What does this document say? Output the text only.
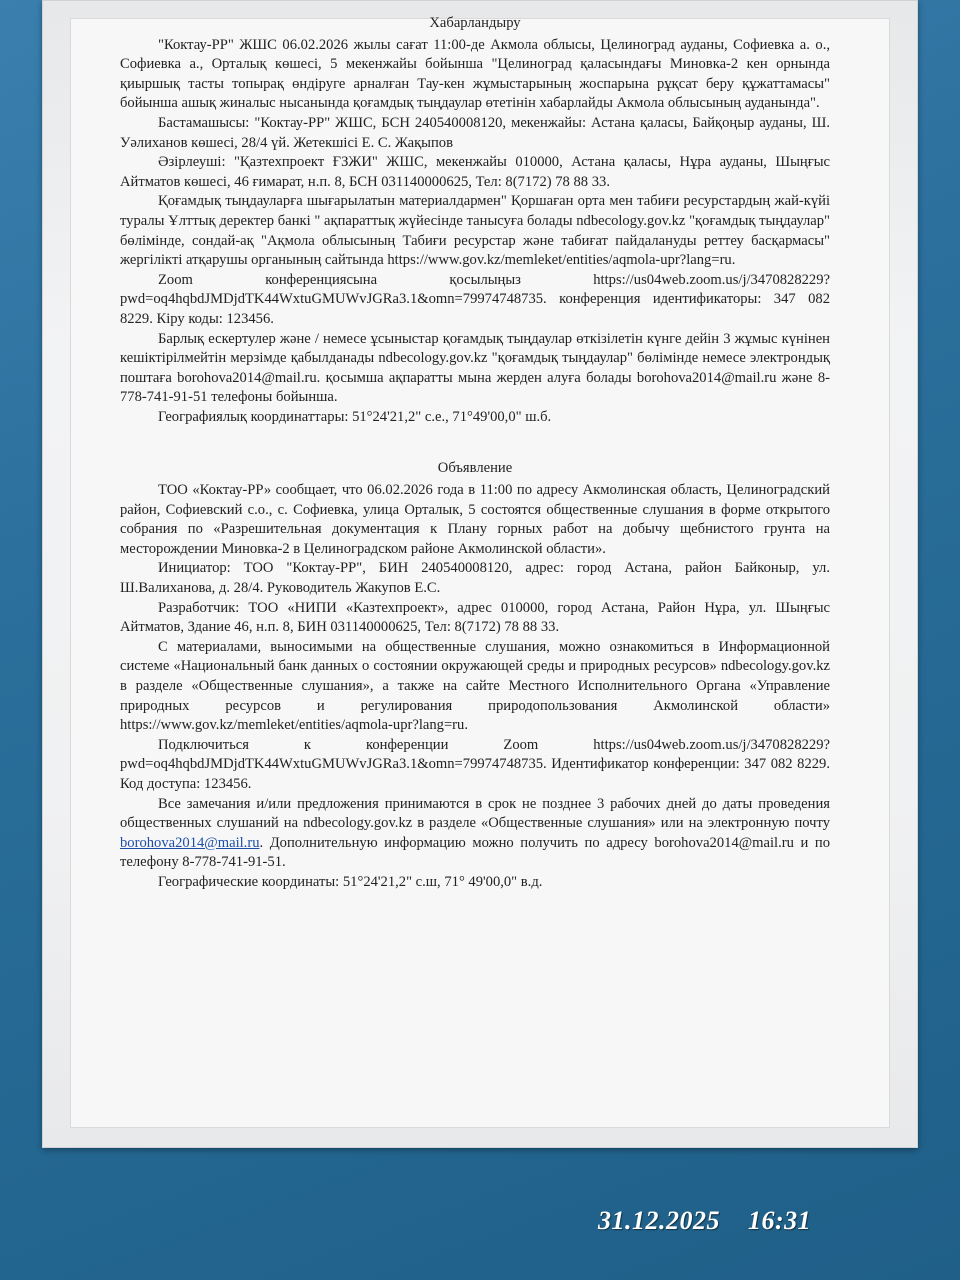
Хабарландыру

"Коктау-РР" ЖШС 06.02.2026 жылы сағат 11:00-де Акмола облысы, Целиноград ауданы, Софиевка а. о., Софиевка а., Орталық көшесі, 5 мекенжайы бойынша "Целиноград қаласындағы Миновка-2 кен орнында қиыршық тасты топырақ өндіруге арналған Тау-кен жұмыстарының жоспарына рұқсат беру құжаттамасы" бойынша ашық жиналыс нысанында қоғамдық тыңдаулар өтетінін хабарлайды Акмола облысының ауданында".

Бастамашысы: "Коктау-РР" ЖШС, БСН 240540008120, мекенжайы: Астана қаласы, Байқоңыр ауданы, Ш. Уәлиханов көшесі, 28/4 үй. Жетекшісі Е. С. Жақыпов

Әзірлеуші: "Қазтехпроект ҒЗЖИ" ЖШС, мекенжайы 010000, Астана қаласы, Нұра ауданы, Шыңғыс Айтматов көшесі, 46 ғимарат, н.п. 8, БСН 031140000625, Тел: 8(7172) 78 88 33.

Қоғамдық тыңдауларға шығарылатын материалдармен" Қоршаған орта мен табиғи ресурстардың жай-күйі туралы Ұлттық деректер банкі " ақпараттық жүйесінде танысуға болады ndbecology.gov.kz "қоғамдық тыңдаулар" бөлімінде, сондай-ақ "Ақмола облысының Табиғи ресурстар және табиғат пайдалануды реттеу басқармасы" жергілікті атқарушы органының сайтында https://www.gov.kz/memleket/entities/aqmola-upr?lang=ru.

Zoom конференциясына қосылыңыз https://us04web.zoom.us/j/3470828229?pwd=oq4hqbdJMDjdTK44WxtuGMUWvJGRa3.1&omn=79974748735. конференция идентификаторы: 347 082 8229. Кіру коды: 123456.

Барлық ескертулер және / немесе ұсыныстар қоғамдық тыңдаулар өткізілетін күнге дейін 3 жұмыс күнінен кешіктірілмейтін мерзімде қабылданады ndbecology.gov.kz "қоғамдық тыңдаулар" бөлімінде немесе электрондық поштаға borohova2014@mail.ru. қосымша ақпаратты мына жерден алуға болады borohova2014@mail.ru және 8-778-741-91-51 телефоны бойынша.

Географиялық координаттары: 51°24'21,2" с.е., 71°49'00,0" ш.б.

Объявление

ТОО «Коктау-РР» сообщает, что 06.02.2026 года в 11:00 по адресу Акмолинская область, Целиноградский район, Софиевский с.о., с. Софиевка, улица Орталык, 5 состоятся общественные слушания в форме открытого собрания по «Разрешительная документация к Плану горных работ на добычу щебнистого грунта на месторождении Миновка-2 в Целиноградском районе Акмолинской области».

Инициатор: ТОО "Коктау-РР", БИН 240540008120, адрес: город Астана, район Байконыр, ул. Ш.Валиханова, д. 28/4. Руководитель Жакупов Е.С.

Разработчик: ТОО «НИПИ «Казтехпроект», адрес 010000, город Астана, Район Нұра, ул. Шыңғыс Айтматов, Здание 46, н.п. 8, БИН 031140000625, Тел: 8(7172) 78 88 33.

С материалами, выносимыми на общественные слушания, можно ознакомиться в Информационной системе «Национальный банк данных о состоянии окружающей среды и природных ресурсов» ndbecology.gov.kz в разделе «Общественные слушания», а также на сайте Местного Исполнительного Органа «Управление природных ресурсов и регулирования природопользования Акмолинской области» https://www.gov.kz/memleket/entities/aqmola-upr?lang=ru.

Подключиться к конференции Zoom https://us04web.zoom.us/j/3470828229?pwd=oq4hqbdJMDjdTK44WxtuGMUWvJGRa3.1&omn=79974748735. Идентификатор конференции: 347 082 8229. Код доступа: 123456.

Все замечания и/или предложения принимаются в срок не позднее 3 рабочих дней до даты проведения общественных слушаний на ndbecology.gov.kz в разделе «Общественные слушания» или на электронную почту borohova2014@mail.ru. Дополнительную информацию можно получить по адресу borohova2014@mail.ru и по телефону 8-778-741-91-51.

Географические координаты: 51°24'21,2" с.ш, 71° 49'00,0" в.д.

31.12.2025    16:31
